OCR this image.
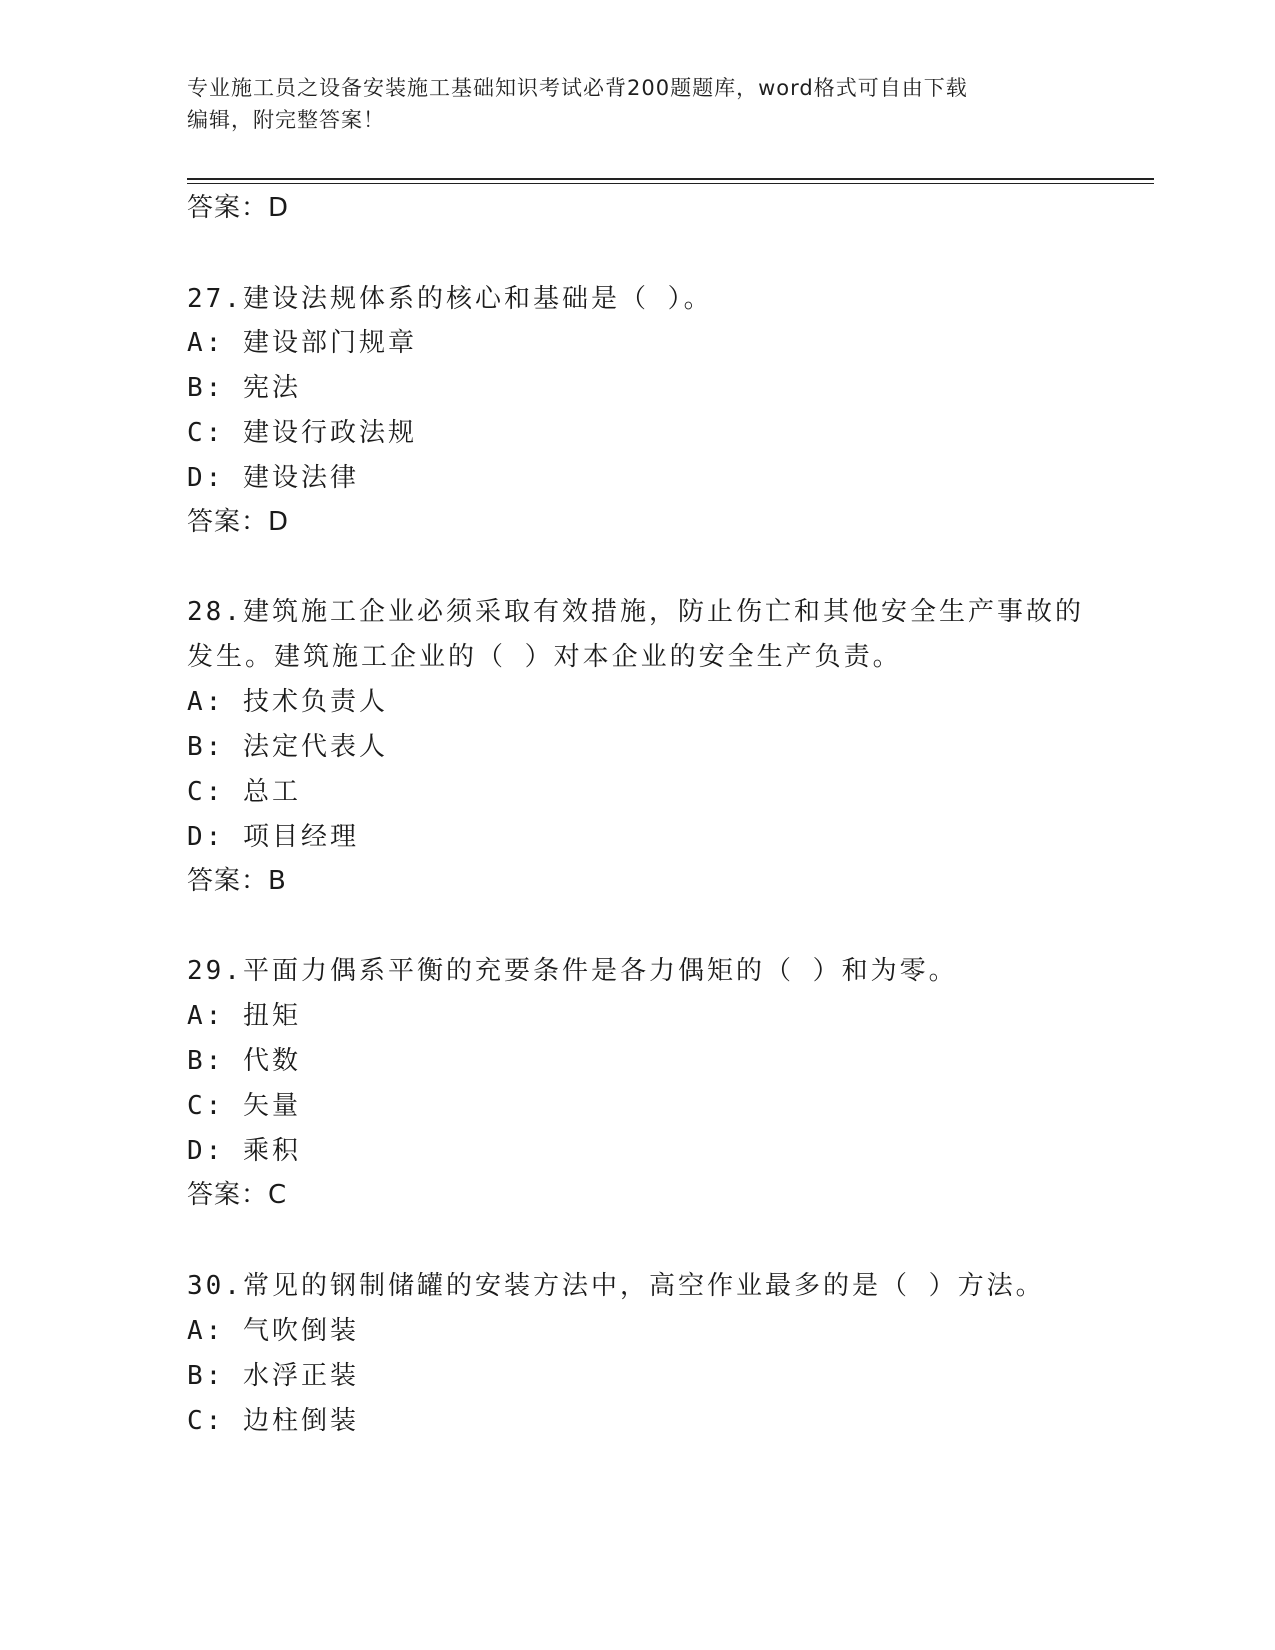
专业施工员之设备安装施工基础知识考试必背200题题库，word格式可自由下载
编辑，附完整答案！
答案：D
27.建设法规体系的核心和基础是（ ）。
A: 建设部门规章
B: 宪法
C: 建设行政法规
D: 建设法律
答案：D
28.建筑施工企业必须采取有效措施，防止伤亡和其他安全生产事故的
发生。建筑施工企业的（ ）对本企业的安全生产负责。
A: 技术负责人
B: 法定代表人
C: 总工
D: 项目经理
答案：B
29.平面力偶系平衡的充要条件是各力偶矩的（ ）和为零。
A: 扭矩
B: 代数
C: 矢量
D: 乘积
答案：C
30.常见的钢制储罐的安装方法中，高空作业最多的是（ ）方法。
A: 气吹倒装
B: 水浮正装
C: 边柱倒装
